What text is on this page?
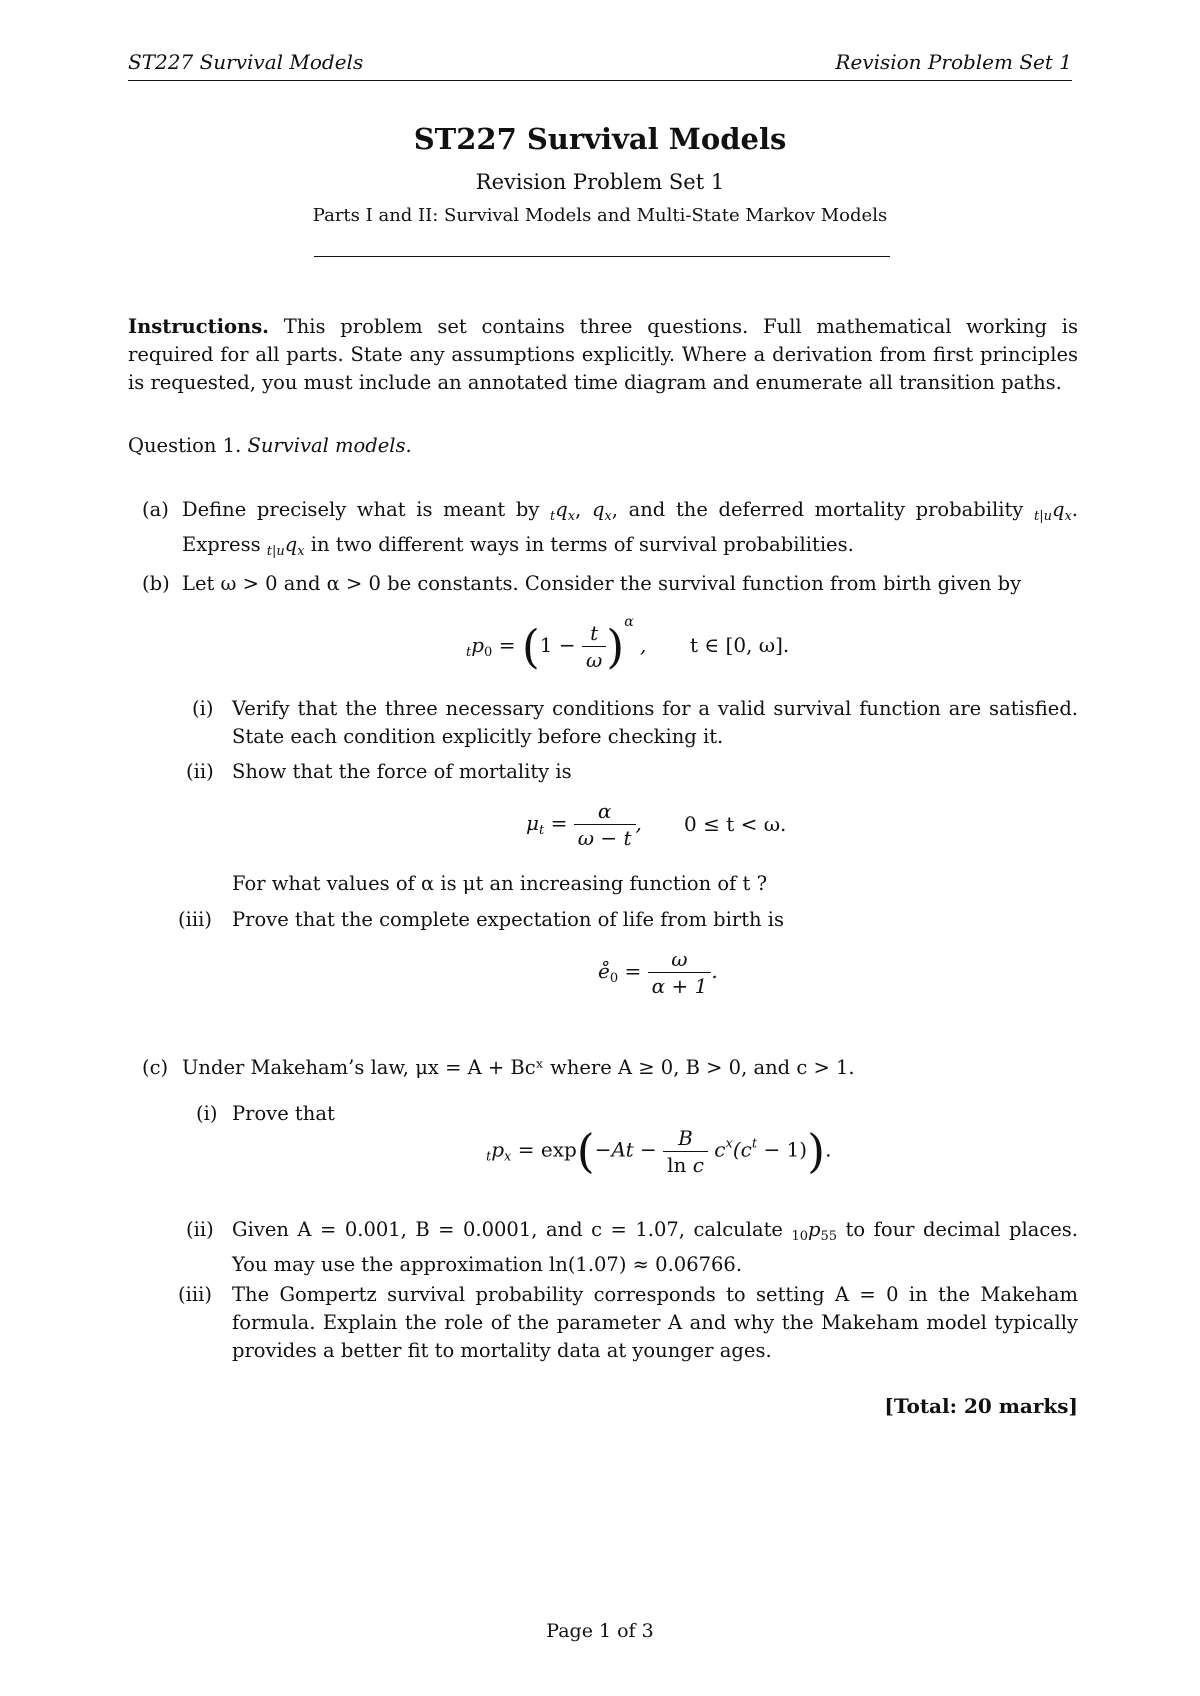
ST227 Survival Models	Revision Problem Set 1
ST227 Survival Models
Revision Problem Set 1
Parts I and II: Survival Models and Multi-State Markov Models
Instructions. This problem set contains three questions. Full mathematical working is required for all parts. State any assumptions explicitly. Where a derivation from first principles is requested, you must include an annotated time diagram and enumerate all transition paths.
Question 1. Survival models.
(a) Define precisely what is meant by $_tq_x$, $q_x$, and the deferred mortality probability $_{t|u}q_x$. Express $_{t|u}q_x$ in two different ways in terms of survival probabilities.
(b) Let ω > 0 and α > 0 be constants. Consider the survival function from birth given by
$_tp_0 = (1 - \frac{t}{\omega} )^\alpha$ , t ∈ [0, ω].
(i) Verify that the three necessary conditions for a valid survival function are satisfied. State each condition explicitly before checking it.
(ii) Show that the force of mortality is
$\mu_t = \frac{\alpha}{\omega - t}$ , 0 ≤ t < ω.
For what values of α is μt an increasing function of t ?
(iii) Prove that the complete expectation of life from birth is
$e̊_0 = \frac{\omega}{\alpha + 1}$ .
(c) Under Makeham’s law, μx = A + Bcˣ where A ≥ 0, B > 0, and c > 1.
(i) Prove that
$_tp_x = \exp(-At - \frac{B}{\text{ln c}} c^x(c^t - 1))$.
(ii) Given A = 0.001, B = 0.0001, and c = 1.07, calculate $_{10}p_{55}$ to four decimal places. You may use the approximation ln(1.07) ≈ 0.06766.
(iii) The Gompertz survival probability corresponds to setting A = 0 in the Makeham formula. Explain the role of the parameter A and why the Makeham model typically provides a better fit to mortality data at younger ages.
[Total: 20 marks]
Page 1 of 3
